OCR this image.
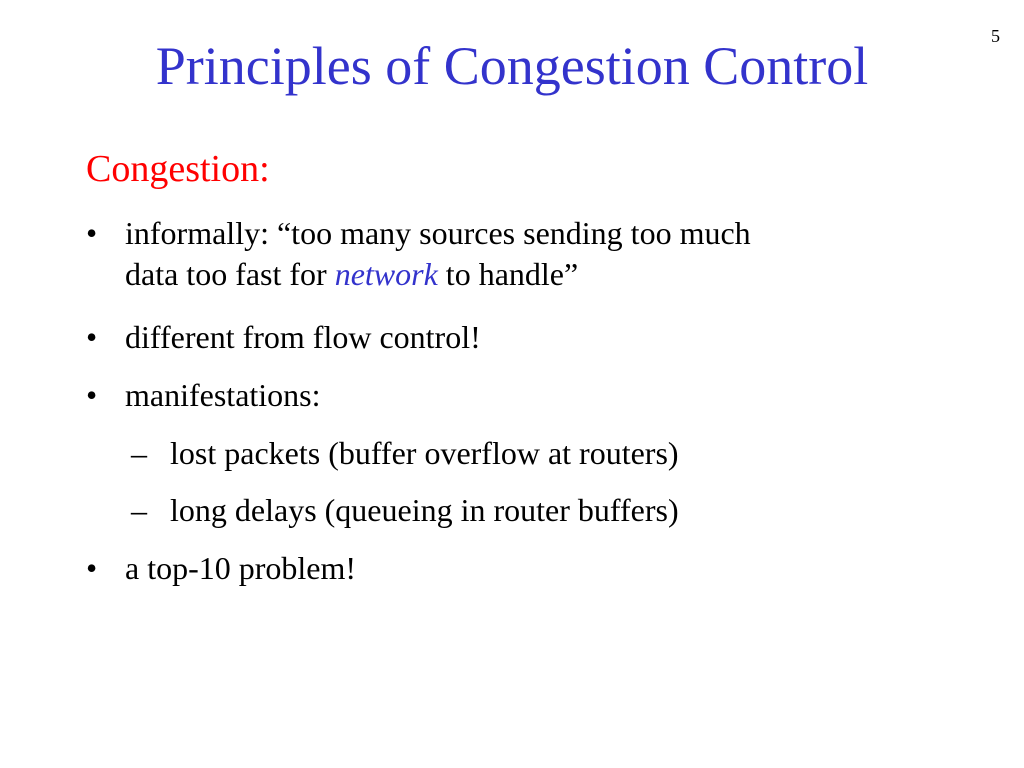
5
Principles of Congestion Control
Congestion:
• informally: “too many sources sending too much
data too fast for network to handle”
• different from flow control!
• manifestations:
– lost packets (buffer overflow at routers)
– long delays (queueing in router buffers)
• a top-10 problem!
